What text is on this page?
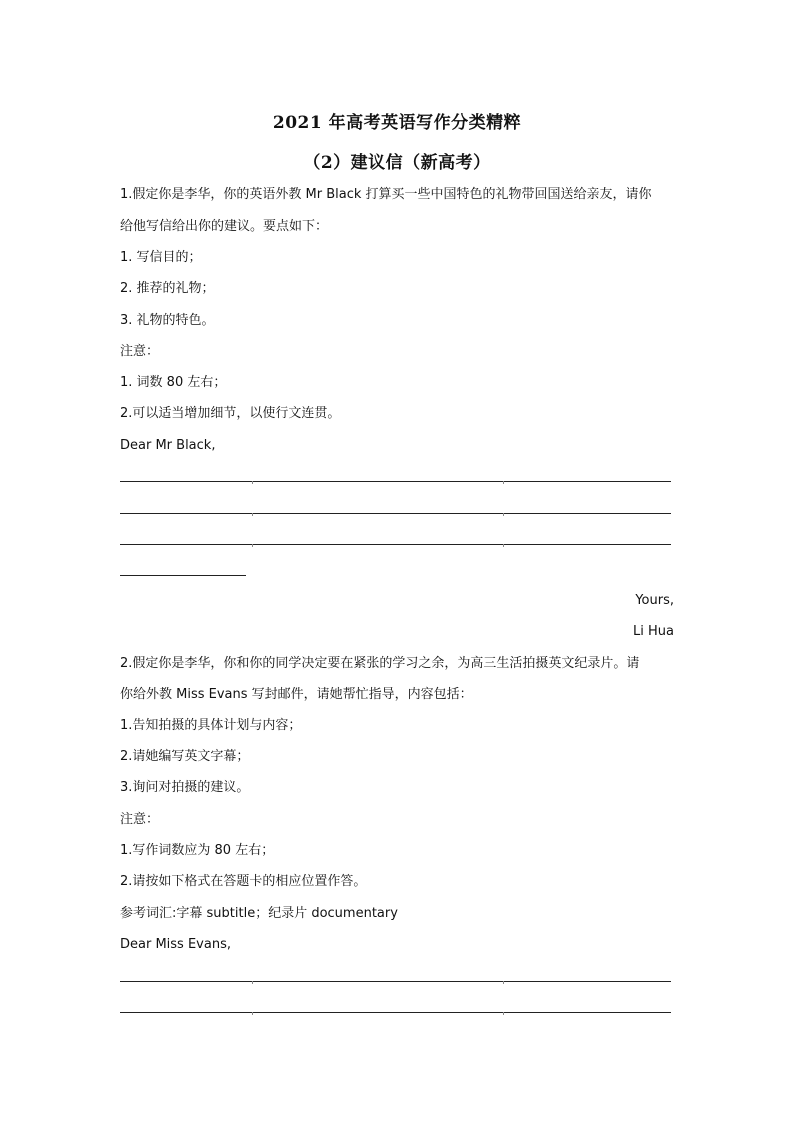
2021 年高考英语写作分类精粹
（2）建议信（新高考）
1.假定你是李华，你的英语外教 Mr Black 打算买一些中国特色的礼物带回国送给亲友，请你
给他写信给出你的建议。要点如下：
1. 写信目的；
2. 推荐的礼物；
3. 礼物的特色。
注意：
1. 词数 80 左右；
2.可以适当增加细节，以使行文连贯。
Dear Mr Black,
Yours,
Li Hua
2.假定你是李华，你和你的同学决定要在紧张的学习之余，为高三生活拍摄英文纪录片。请
你给外教 Miss Evans 写封邮件，请她帮忙指导，内容包括：
1.告知拍摄的具体计划与内容；
2.请她编写英文字幕；
3.询问对拍摄的建议。
注意：
1.写作词数应为 80 左右；
2.请按如下格式在答题卡的相应位置作答。
参考词汇:字幕 subtitle；纪录片 documentary
Dear Miss Evans,
